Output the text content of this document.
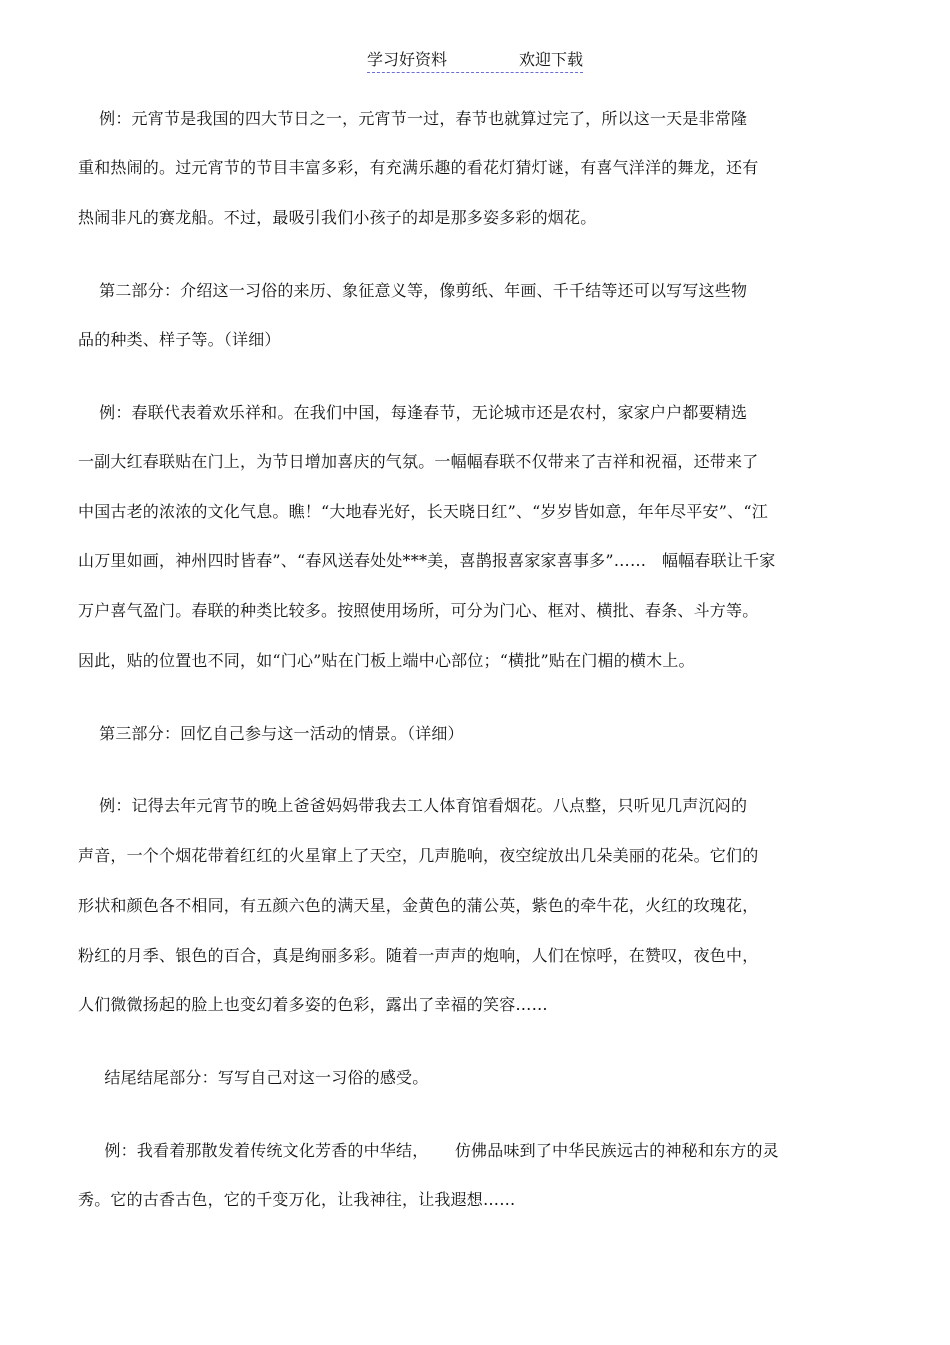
学习好资料	欢迎下载
例：元宵节是我国的四大节日之一，元宵节一过，春节也就算过完了，所以这一天是非常隆
重和热闹的。过元宵节的节目丰富多彩，有充满乐趣的看花灯猜灯谜，有喜气洋洋的舞龙，还有
热闹非凡的赛龙船。不过，最吸引我们小孩子的却是那多姿多彩的烟花。
第二部分：介绍这一习俗的来历、象征意义等，像剪纸、年画、千千结等还可以写写这些物
品的种类、样子等。（详细）
例：春联代表着欢乐祥和。在我们中国，每逢春节，无论城市还是农村，家家户户都要精选
一副大红春联贴在门上，为节日增加喜庆的气氛。一幅幅春联不仅带来了吉祥和祝福，还带来了
中国古老的浓浓的文化气息。瞧！“大地春光好，长天晓日红”、“岁岁皆如意，年年尽平安”、“江
山万里如画，神州四时皆春”、“春风送春处处***美，喜鹊报喜家家喜事多”……   幅幅春联让千家
万户喜气盈门。春联的种类比较多。按照使用场所，可分为门心、框对、横批、春条、斗方等。
因此，贴的位置也不同，如“门心”贴在门板上端中心部位；“横批”贴在门楣的横木上。
第三部分：回忆自己参与这一活动的情景。（详细）
例：记得去年元宵节的晚上爸爸妈妈带我去工人体育馆看烟花。八点整，只听见几声沉闷的
声音，一个个烟花带着红红的火星窜上了天空，几声脆响，夜空绽放出几朵美丽的花朵。它们的
形状和颜色各不相同，有五颜六色的满天星，金黄色的蒲公英，紫色的牵牛花，火红的玫瑰花，
粉红的月季、银色的百合，真是绚丽多彩。随着一声声的炮响，人们在惊呼，在赞叹，夜色中，
人们微微扬起的脸上也变幻着多姿的色彩，露出了幸福的笑容……
结尾结尾部分：写写自己对这一习俗的感受。
例：我看着那散发着传统文化芳香的中华结，     仿佛品味到了中华民族远古的神秘和东方的灵
秀。它的古香古色，它的千变万化，让我神往，让我遐想……
